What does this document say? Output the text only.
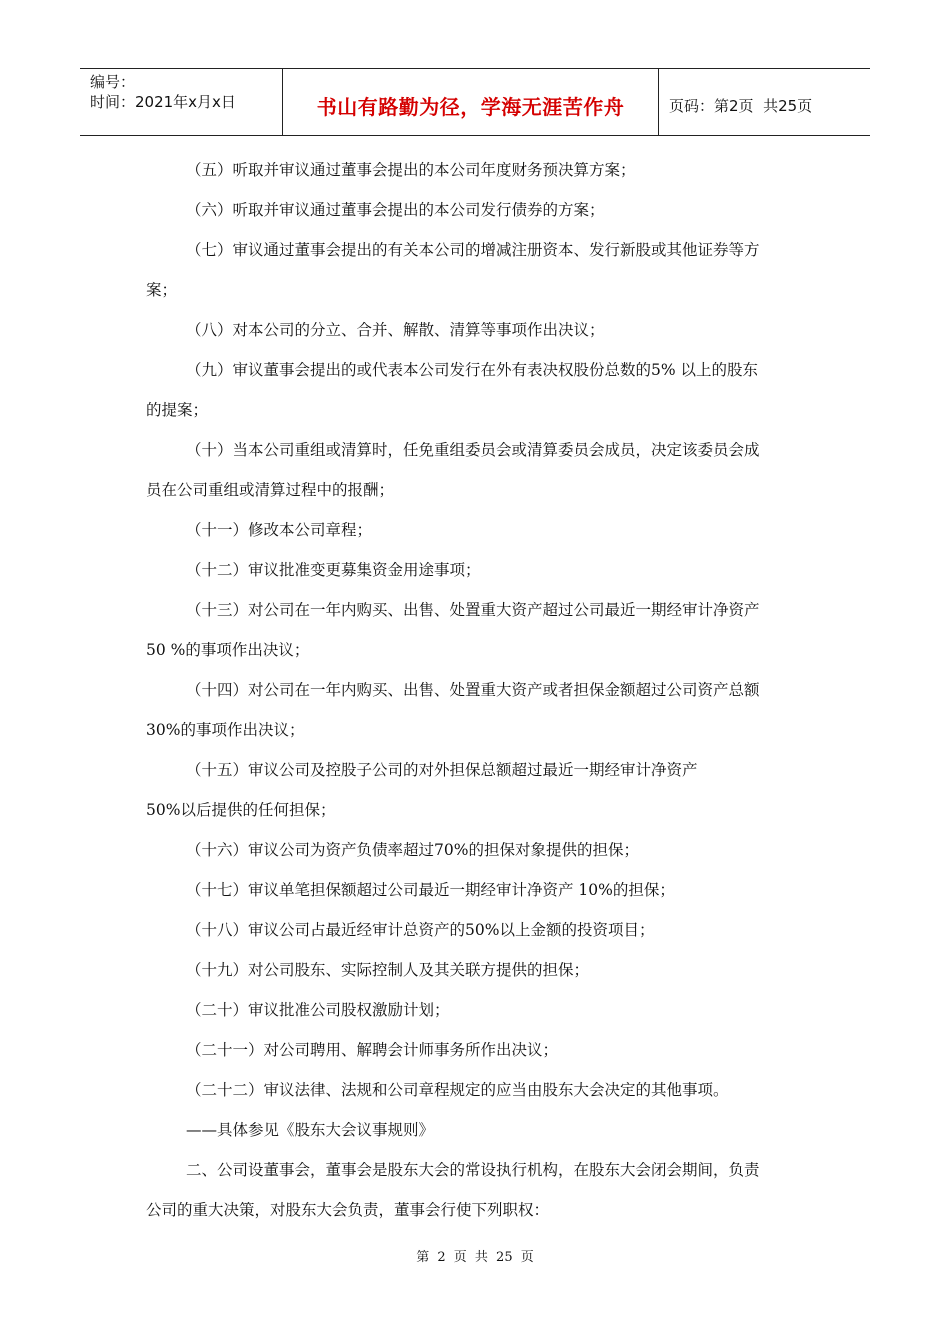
编号：
时间：2021年x月x日	书山有路勤为径，学海无涯苦作舟	页码：第2页  共25页

（五）听取并审议通过董事会提出的本公司年度财务预决算方案；

（六）听取并审议通过董事会提出的本公司发行债券的方案；

（七）审议通过董事会提出的有关本公司的增减注册资本、发行新股或其他证券等方
案；

（八）对本公司的分立、合并、解散、清算等事项作出决议；

（九）审议董事会提出的或代表本公司发行在外有表决权股份总数的5% 以上的股东
的提案；

（十）当本公司重组或清算时，任免重组委员会或清算委员会成员，决定该委员会成
员在公司重组或清算过程中的报酬；

（十一）修改本公司章程；

（十二）审议批准变更募集资金用途事项；

（十三）对公司在一年内购买、出售、处置重大资产超过公司最近一期经审计净资产
50 %的事项作出决议；

（十四）对公司在一年内购买、出售、处置重大资产或者担保金额超过公司资产总额
30%的事项作出决议；

（十五）审议公司及控股子公司的对外担保总额超过最近一期经审计净资产
50%以后提供的任何担保；

（十六）审议公司为资产负债率超过70%的担保对象提供的担保；

（十七）审议单笔担保额超过公司最近一期经审计净资产 10%的担保；

（十八）审议公司占最近经审计总资产的50%以上金额的投资项目；

（十九）对公司股东、实际控制人及其关联方提供的担保；

（二十）审议批准公司股权激励计划；

（二十一）对公司聘用、解聘会计师事务所作出决议；

（二十二）审议法律、法规和公司章程规定的应当由股东大会决定的其他事项。

——具体参见《股东大会议事规则》

二、公司设董事会，董事会是股东大会的常设执行机构，在股东大会闭会期间，负责
公司的重大决策，对股东大会负责，董事会行使下列职权：

第 2 页 共 25 页
